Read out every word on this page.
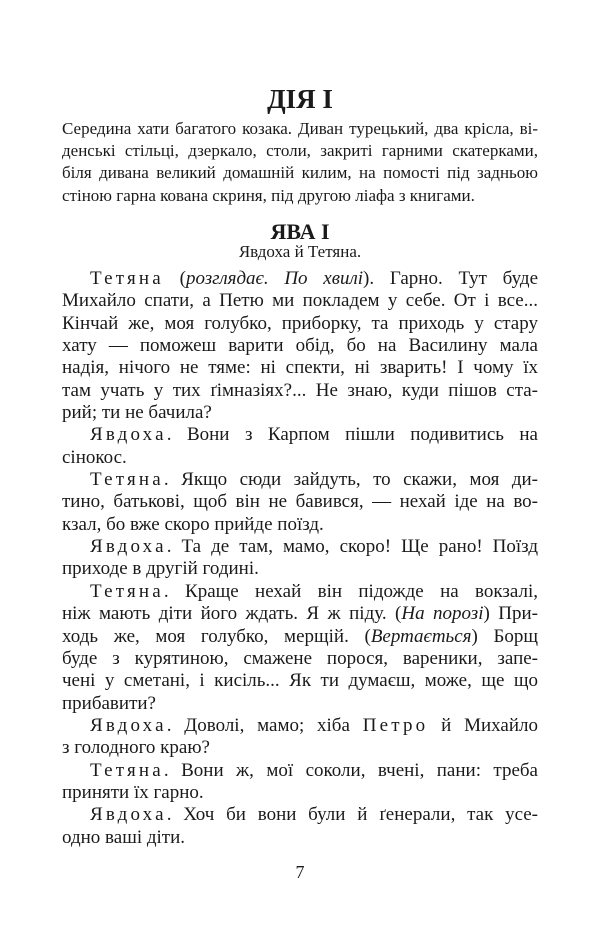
ДІЯ I
Середина хати багатого козака. Диван турецький, два крісла, ві-
денські стільці, дзеркало, столи, закриті гарними скатерками,
біля дивана великий домашній килим, на помості під задньою
стіною гарна кована скриня, під другою ліафа з книгами.
ЯВА I
Явдоха й Тетяна.
Тетяна (розглядає. По хвилі). Гарно. Тут буде
Михайло спати, а Петю ми покладем у себе. От і все...
Кінчай же, моя голубко, приборку, та приходь у стару
хату — поможеш варити обід, бо на Василину мала
надія, нічого не тяме: ні спекти, ні зварить! І чому їх
там учать у тих ґімназіях?... Не знаю, куди пішов ста-
рий; ти не бачила?
Явдоха. Вони з Карпом пішли подивитись на
сінокос.
Тетяна. Якщо сюди зайдуть, то скажи, моя ди-
тино, батькові, щоб він не бавився, — нехай іде на во-
кзал, бо вже скоро прийде поїзд.
Явдоха. Та де там, мамо, скоро! Ще рано! Поїзд
приходе в другій годині.
Тетяна. Краще нехай він підожде на вокзалі,
ніж мають діти його ждать. Я ж піду. (На порозі) При-
ходь же, моя голубко, мерщій. (Вертається) Борщ
буде з курятиною, смажене порося, вареники, запе-
чені у сметані, і кисіль... Як ти думаєш, може, ще що
прибавити?
Явдоха. Доволі, мамо; хіба Петро й Михайло
з голодного краю?
Тетяна. Вони ж, мої соколи, вчені, пани: треба
приняти їх гарно.
Явдоха. Хоч би вони були й ґенерали, так усе-
одно ваші діти.
7
